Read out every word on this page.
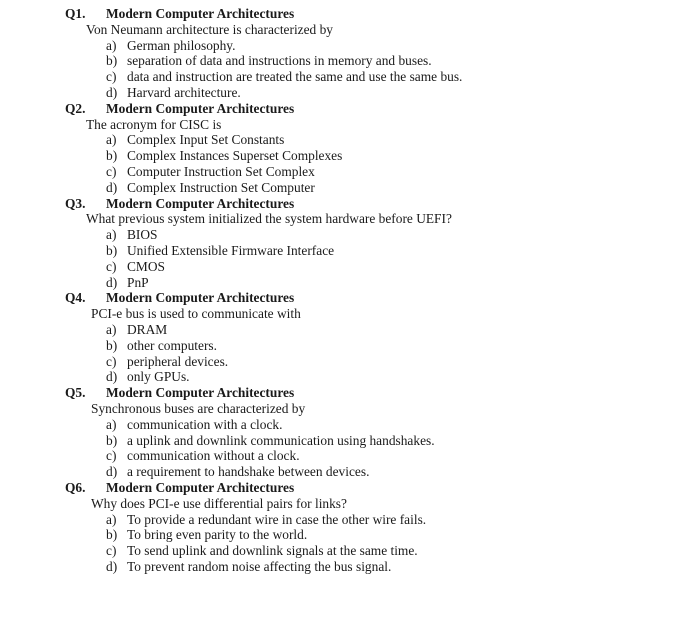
Q1. Modern Computer Architectures
Von Neumann architecture is characterized by
a) German philosophy.
b) separation of data and instructions in memory and buses.
c) data and instruction are treated the same and use the same bus.
d) Harvard architecture.
Q2. Modern Computer Architectures
The acronym for CISC is
a) Complex Input Set Constants
b) Complex Instances Superset Complexes
c) Computer Instruction Set Complex
d) Complex Instruction Set Computer
Q3. Modern Computer Architectures
What previous system initialized the system hardware before UEFI?
a) BIOS
b) Unified Extensible Firmware Interface
c) CMOS
d) PnP
Q4. Modern Computer Architectures
PCI-e bus is used to communicate with
a) DRAM
b) other computers.
c) peripheral devices.
d) only GPUs.
Q5. Modern Computer Architectures
Synchronous buses are characterized by
a) communication with a clock.
b) a uplink and downlink communication using handshakes.
c) communication without a clock.
d) a requirement to handshake between devices.
Q6. Modern Computer Architectures
Why does PCI-e use differential pairs for links?
a) To provide a redundant wire in case the other wire fails.
b) To bring even parity to the world.
c) To send uplink and downlink signals at the same time.
d) To prevent random noise affecting the bus signal.
